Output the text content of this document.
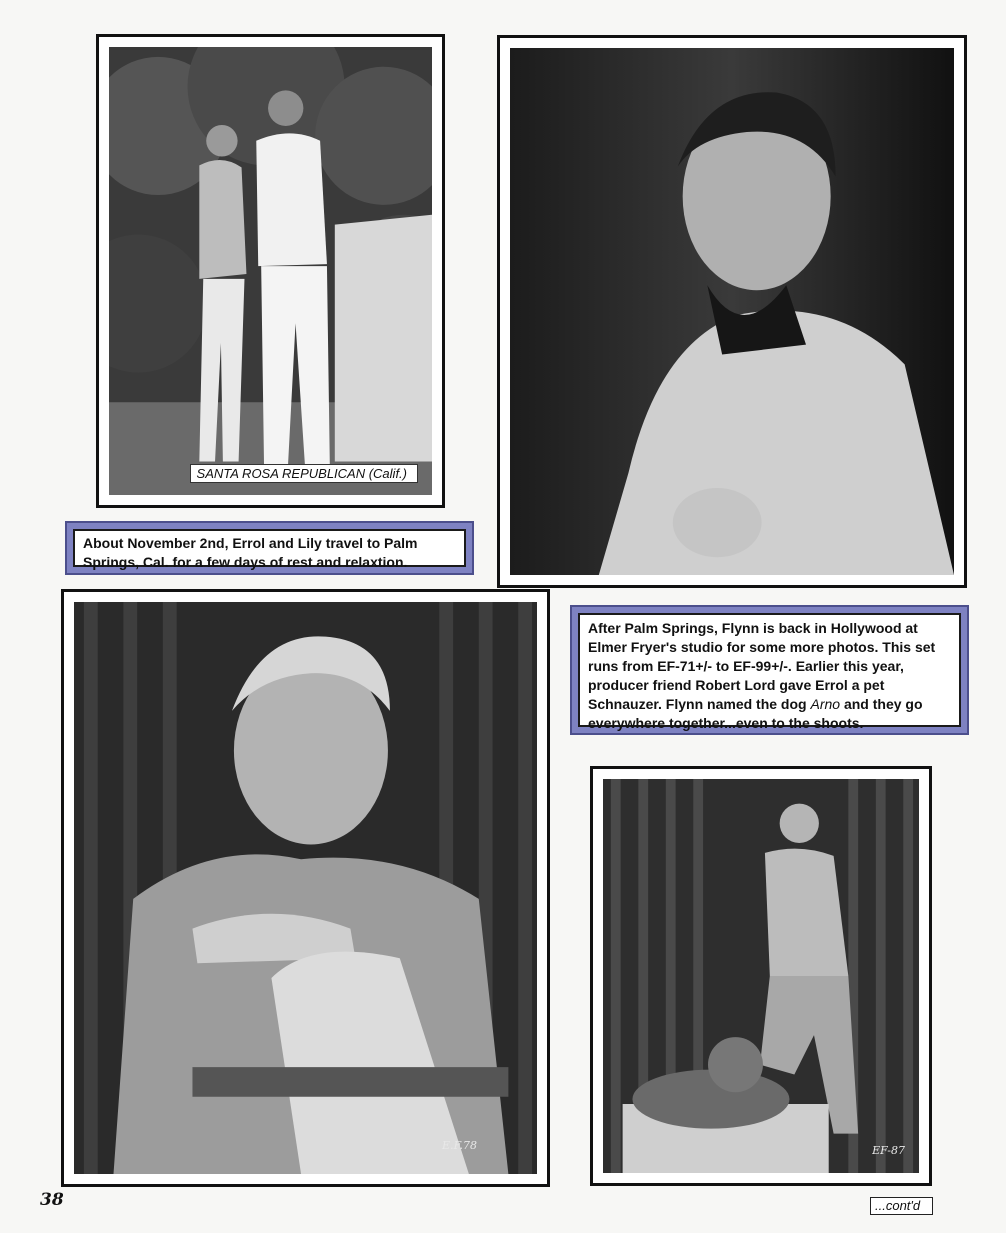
SANTA ROSA REPUBLICAN (Calif.)
About November 2nd, Errol and Lily travel to Palm Springs, Cal. for a few days of rest and relaxtion.
E.F.78
After Palm Springs, Flynn is back in Hollywood at Elmer Fryer's studio for some more photos. This set runs from EF-71+/- to EF-99+/-. Earlier this year, producer friend Robert Lord gave Errol a pet Schnauzer. Flynn named the dog Arno and they go everywhere together...even to the shoots.
EF-87
38	...cont'd
